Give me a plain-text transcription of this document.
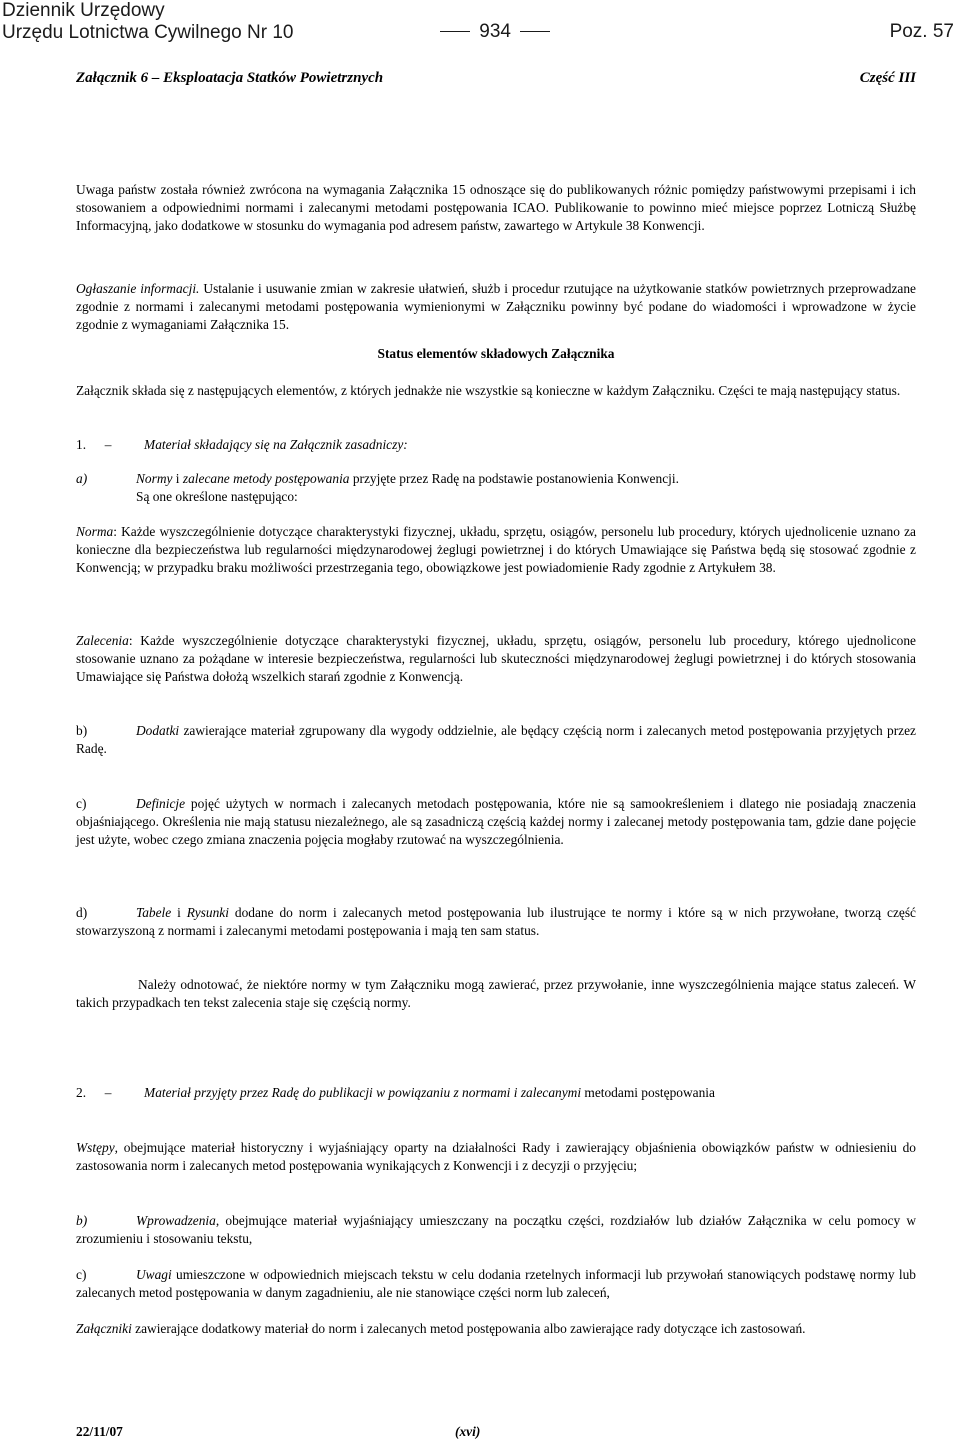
Dziennik Urzędowy
Urzędu Lotnictwa Cywilnego Nr 10	934	Poz. 57
Załącznik 6 – Eksploatacja Statków Powietrznych	Część III
Uwaga państw została również zwrócona na wymagania Załącznika 15 odnoszące się do publikowanych różnic pomiędzy państwowymi przepisami i ich stosowaniem a odpowiednimi normami i zalecanymi metodami postępowania ICAO. Publikowanie to powinno mieć miejsce poprzez Lotniczą Służbę Informacyjną, jako dodatkowe w stosunku do wymagania pod adresem państw, zawartego w Artykule 38 Konwencji.
Ogłaszanie informacji. Ustalanie i usuwanie zmian w zakresie ułatwień, służb i procedur rzutujące na użytkowanie statków powietrznych przeprowadzane zgodnie z normami i zalecanymi metodami postępowania wymienionymi w Załączniku powinny być podane do wiadomości i wprowadzone w życie zgodnie z wymaganiami Załącznika 15.
Status elementów składowych Załącznika
Załącznik składa się z następujących elementów, z których jednakże nie wszystkie są konieczne w każdym Załączniku. Części te mają następujący status.
1. – Materiał składający się na Załącznik zasadniczy:
a)	Normy i zalecane metody postępowania przyjęte przez Radę na podstawie postanowienia Konwencji.
Są one określone następująco:
Norma: Każde wyszczególnienie dotyczące charakterystyki fizycznej, układu, sprzętu, osiągów, personelu lub procedury, których ujednolicenie uznano za konieczne dla bezpieczeństwa lub regularności międzynarodowej żeglugi powietrznej i do których Umawiające się Państwa będą się stosować zgodnie z Konwencją; w przypadku braku możliwości przestrzegania tego, obowiązkowe jest powiadomienie Rady zgodnie z Artykułem 38.
Zalecenia: Każde wyszczególnienie dotyczące charakterystyki fizycznej, układu, sprzętu, osiągów, personelu lub procedury, którego ujednolicone stosowanie uznano za pożądane w interesie bezpieczeństwa, regularności lub skuteczności międzynarodowej żeglugi powietrznej i do których stosowania Umawiające się Państwa dołożą wszelkich starań zgodnie z Konwencją.
b)	Dodatki zawierające materiał zgrupowany dla wygody oddzielnie, ale będący częścią norm i zalecanych metod postępowania przyjętych przez Radę.
c)	Definicje pojęć użytych w normach i zalecanych metodach postępowania, które nie są samookreśleniem i dlatego nie posiadają znaczenia objaśniającego. Określenia nie mają statusu niezależnego, ale są zasadniczą częścią każdej normy i zalecanej metody postępowania tam, gdzie dane pojęcie jest użyte, wobec czego zmiana znaczenia pojęcia mogłaby rzutować na wyszczególnienia.
d)	Tabele i Rysunki dodane do norm i zalecanych metod postępowania lub ilustrujące te normy i które są w nich przywołane, tworzą część stowarzyszoną z normami i zalecanymi metodami postępowania i mają ten sam status.
Należy odnotować, że niektóre normy w tym Załączniku mogą zawierać, przez przywołanie, inne wyszczególnienia mające status zaleceń. W takich przypadkach ten tekst zalecenia staje się częścią normy.
2. – Materiał przyjęty przez Radę do publikacji w powiązaniu z normami i zalecanymi metodami postępowania
Wstępy, obejmujące materiał historyczny i wyjaśniający oparty na działalności Rady i zawierający objaśnienia obowiązków państw w odniesieniu do zastosowania norm i zalecanych metod postępowania wynikających z Konwencji i z decyzji o przyjęciu;
b)	Wprowadzenia, obejmujące materiał wyjaśniający umieszczany na początku części, rozdziałów lub działów Załącznika w celu pomocy w zrozumieniu i stosowaniu tekstu,
c)	Uwagi umieszczone w odpowiednich miejscach tekstu w celu dodania rzetelnych informacji lub przywołań stanowiących podstawę normy lub zalecanych metod postępowania w danym zagadnieniu, ale nie stanowiące części norm lub zaleceń,
Załączniki zawierające dodatkowy materiał do norm i zalecanych metod postępowania albo zawierające rady dotyczące ich zastosowań.
22/11/07	(xvi)
